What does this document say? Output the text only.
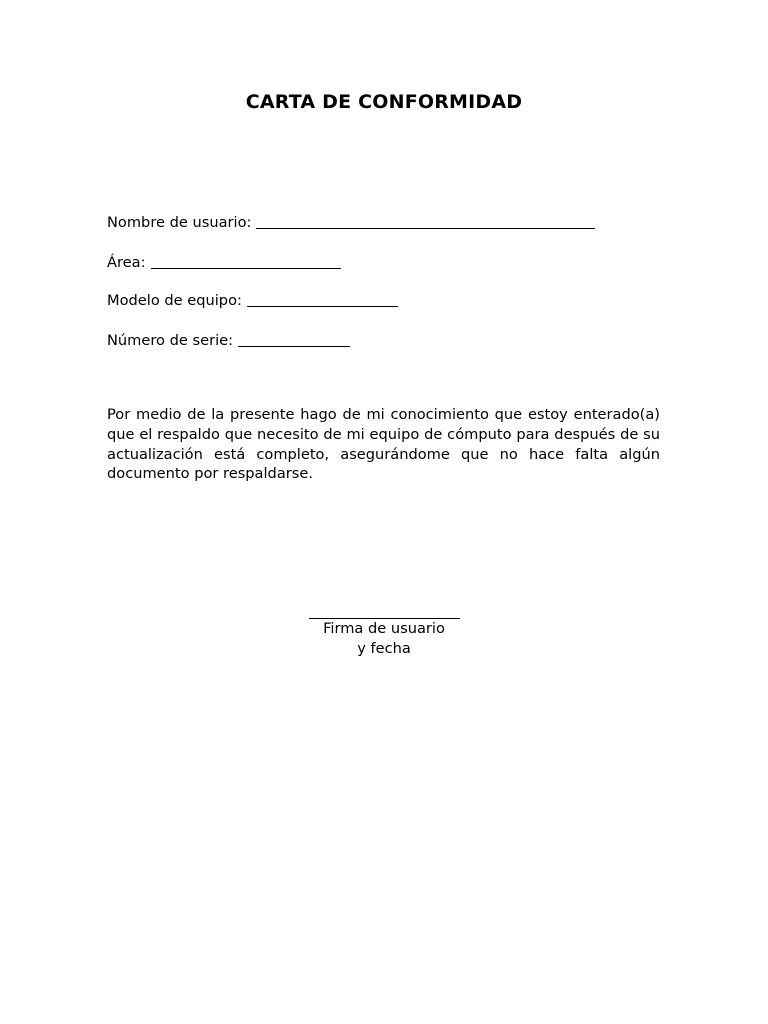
CARTA DE CONFORMIDAD
Nombre de usuario:
Área:
Modelo de equipo:
Número de serie:

Por medio de la presente hago de mi conocimiento que estoy enterado(a) que el respaldo que necesito de mi equipo de cómputo para después de su actualización está completo, asegurándome que no hace falta algún documento por respaldarse.

Firma de usuario
y fecha
